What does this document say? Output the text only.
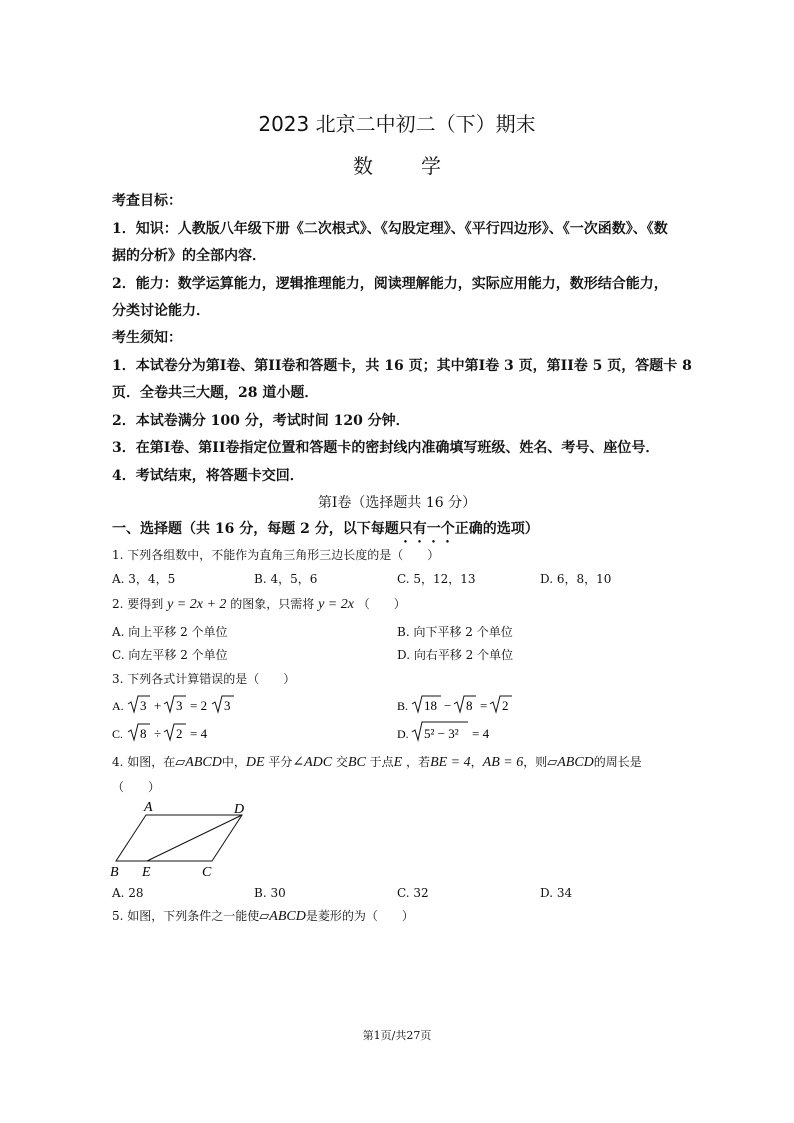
2023 北京二中初二（下）期末
数 学
考查目标：
1．知识：人教版八年级下册《二次根式》、《勾股定理》、《平行四边形》、《一次函数》、《数
据的分析》的全部内容．
2．能力：数学运算能力，逻辑推理能力，阅读理解能力，实际应用能力，数形结合能力，
分类讨论能力．
考生须知：
1．本试卷分为第Ⅰ卷、第II卷和答题卡，共 16 页；其中第Ⅰ卷 3 页，第II卷 5 页，答题卡 8
页．全卷共三大题，28 道小题．
2．本试卷满分 100 分，考试时间 120 分钟．
3．在第Ⅰ卷、第II卷指定位置和答题卡的密封线内准确填写班级、姓名、考号、座位号．
4．考试结束，将答题卡交回．
第Ⅰ卷（选择题共 16 分）
一、选择题（共 16 分，每题 2 分，以下每题只有一个正确的选项）
1. 下列各组数中，不能作为直角三角形三边长度的是（　　）
A. 3，4，5	B. 4，5，6	C. 5，12，13	D. 6，8，10
2. 要得到 y = 2x + 2 的图象，只需将 y = 2x （　　）
A. 向上平移 2 个单位	B. 向下平移 2 个单位
C. 向左平移 2 个单位	D. 向右平移 2 个单位
3. 下列各式计算错误的是（　　）
A. 3 + 3 = 2 3	B. 18 − 8 = 2
C. 8 ÷ 2 = 4	D. 5² − 3² = 4
4. 如图，在▱ABCD中，DE 平分∠ADC 交BC 于点E ，若BE = 4，AB = 6，则▱ABCD的周长是
（　　）
A	D
B E	C
A. 28	B. 30	C. 32	D. 34
5. 如图，下列条件之一能使▱ABCD是菱形的为（　　）
第1页/共27页
